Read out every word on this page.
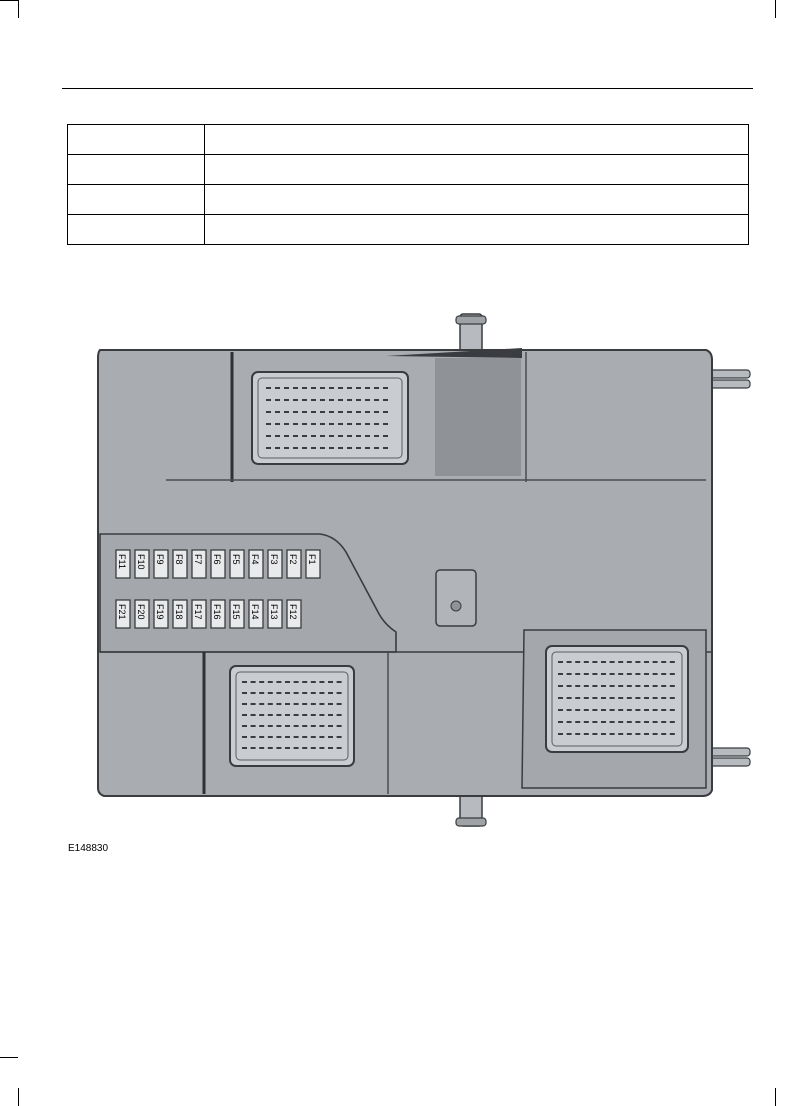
F11 F10 F9 F8 F7 F6 F5 F4 F3 F2 F1
F21 F20 F19 F18 F17 F16 F15 F14 F13 F12
E148830
